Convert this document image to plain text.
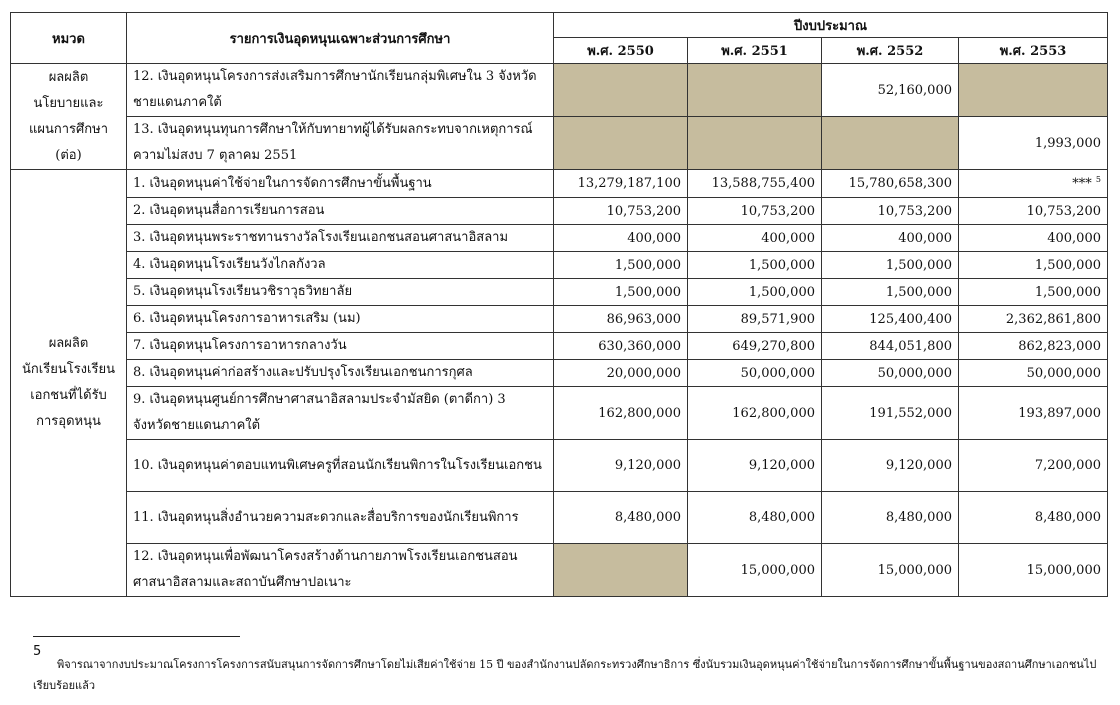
หมวด	รายการเงินอุดหนุนเฉพาะส่วนการศึกษา	ปีงบประมาณ			
		พ.ศ. 2550	พ.ศ. 2551	พ.ศ. 2552	พ.ศ. 2553

ผลผลิต
นโยบายและ
แผนการศึกษา
(ต่อ)	12. เงินอุดหนุนโครงการส่งเสริมการศึกษานักเรียนกลุ่มพิเศษใน 3 จังหวัดชายแดนภาคใต้			52,160,000	
	13. เงินอุดหนุนทุนการศึกษาให้กับทายาทผู้ได้รับผลกระทบจากเหตุการณ์ความไม่สงบ 7 ตุลาคม 2551				1,993,000

ผลผลิต
นักเรียนโรงเรียน
เอกชนที่ได้รับ
การอุดหนุน	1. เงินอุดหนุนค่าใช้จ่ายในการจัดการศึกษาขั้นพื้นฐาน	13,279,187,100	13,588,755,400	15,780,658,300	*** $^5$
	2. เงินอุดหนุนสื่อการเรียนการสอน	10,753,200	10,753,200	10,753,200	10,753,200
	3. เงินอุดหนุนพระราชทานรางวัลโรงเรียนเอกชนสอนศาสนาอิสลาม	400,000	400,000	400,000	400,000
	4. เงินอุดหนุนโรงเรียนวังไกลกังวล	1,500,000	1,500,000	1,500,000	1,500,000
	5. เงินอุดหนุนโรงเรียนวชิราวุธวิทยาลัย	1,500,000	1,500,000	1,500,000	1,500,000
	6. เงินอุดหนุนโครงการอาหารเสริม (นม)	86,963,000	89,571,900	125,400,400	2,362,861,800
	7. เงินอุดหนุนโครงการอาหารกลางวัน	630,360,000	649,270,800	844,051,800	862,823,000
	8. เงินอุดหนุนค่าก่อสร้างและปรับปรุงโรงเรียนเอกชนการกุศล	20,000,000	50,000,000	50,000,000	50,000,000
	9. เงินอุดหนุนศูนย์การศึกษาศาสนาอิสลามประจำมัสยิด (ตาดีกา) 3 จังหวัดชายแดนภาคใต้	162,800,000	162,800,000	191,552,000	193,897,000
	10. เงินอุดหนุนค่าตอบแทนพิเศษครูที่สอนนักเรียนพิการในโรงเรียนเอกชน	9,120,000	9,120,000	9,120,000	7,200,000
	11. เงินอุดหนุนสิ่งอำนวยความสะดวกและสื่อบริการของนักเรียนพิการ	8,480,000	8,480,000	8,480,000	8,480,000
	12. เงินอุดหนุนเพื่อพัฒนาโครงสร้างด้านกายภาพโรงเรียนเอกชนสอนศาสนาอิสลามและสถาบันศึกษาปอเนาะ		15,000,000	15,000,000	15,000,000
5
พิจารณาจากงบประมาณโครงการโครงการสนับสนุนการจัดการศึกษาโดยไม่เสียค่าใช้จ่าย 15 ปี ของสำนักงานปลัดกระทรวงศึกษาธิการ ซึ่งนับรวมเงินอุดหนุนค่าใช้จ่ายในการจัดการศึกษาขั้นพื้นฐานของสถานศึกษาเอกชนไปเรียบร้อยแล้ว
